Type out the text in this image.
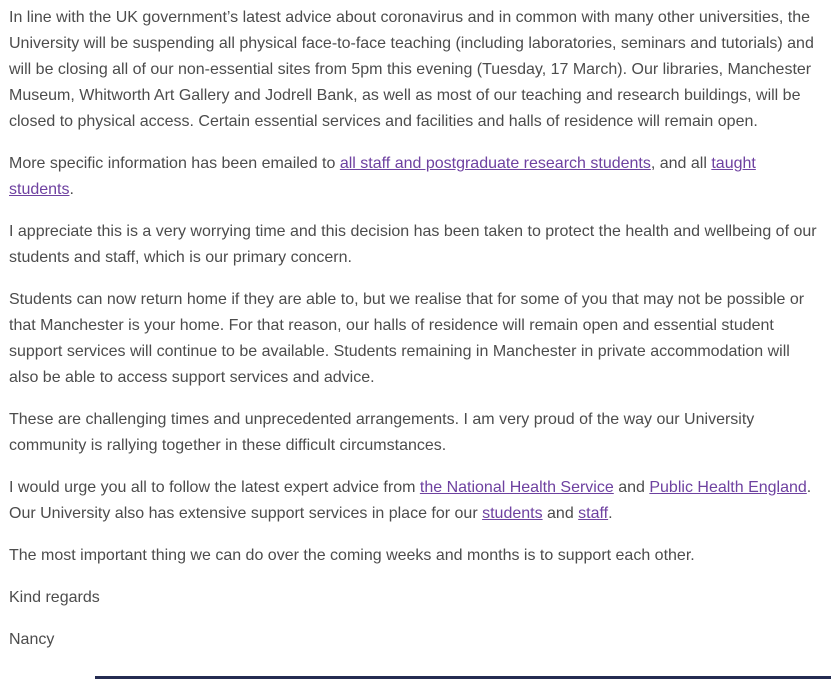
In line with the UK government’s latest advice about coronavirus and in common with many other universities, the University will be suspending all physical face-to-face teaching (including laboratories, seminars and tutorials) and will be closing all of our non-essential sites from 5pm this evening (Tuesday, 17 March). Our libraries, Manchester Museum, Whitworth Art Gallery and Jodrell Bank, as well as most of our teaching and research buildings, will be closed to physical access. Certain essential services and facilities and halls of residence will remain open.

More specific information has been emailed to all staff and postgraduate research students, and all taught students.

I appreciate this is a very worrying time and this decision has been taken to protect the health and wellbeing of our students and staff, which is our primary concern.

Students can now return home if they are able to, but we realise that for some of you that may not be possible or that Manchester is your home. For that reason, our halls of residence will remain open and essential student support services will continue to be available. Students remaining in Manchester in private accommodation will also be able to access support services and advice.

These are challenging times and unprecedented arrangements. I am very proud of the way our University community is rallying together in these difficult circumstances.

I would urge you all to follow the latest expert advice from the National Health Service and Public Health England. Our University also has extensive support services in place for our students and staff.

The most important thing we can do over the coming weeks and months is to support each other.

Kind regards

Nancy
